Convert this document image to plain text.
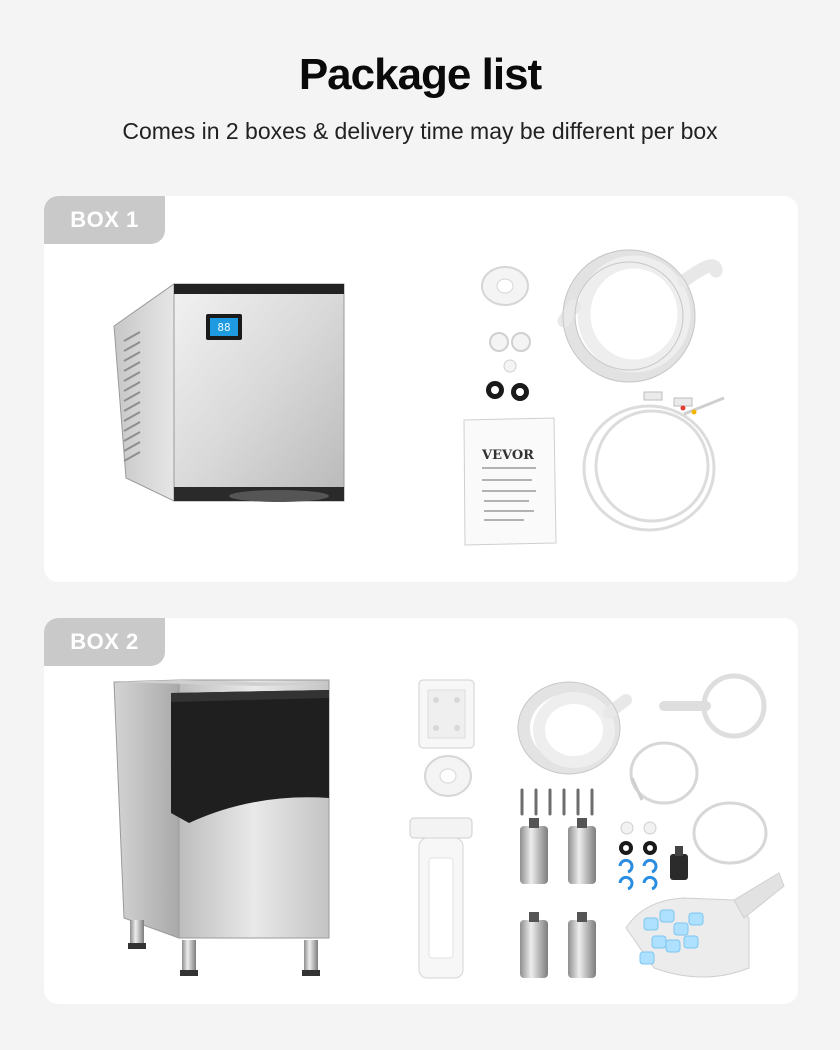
Package list
Comes in 2 boxes & delivery time may be different per box
88
VEVOR
BOX 1
BOX 2
